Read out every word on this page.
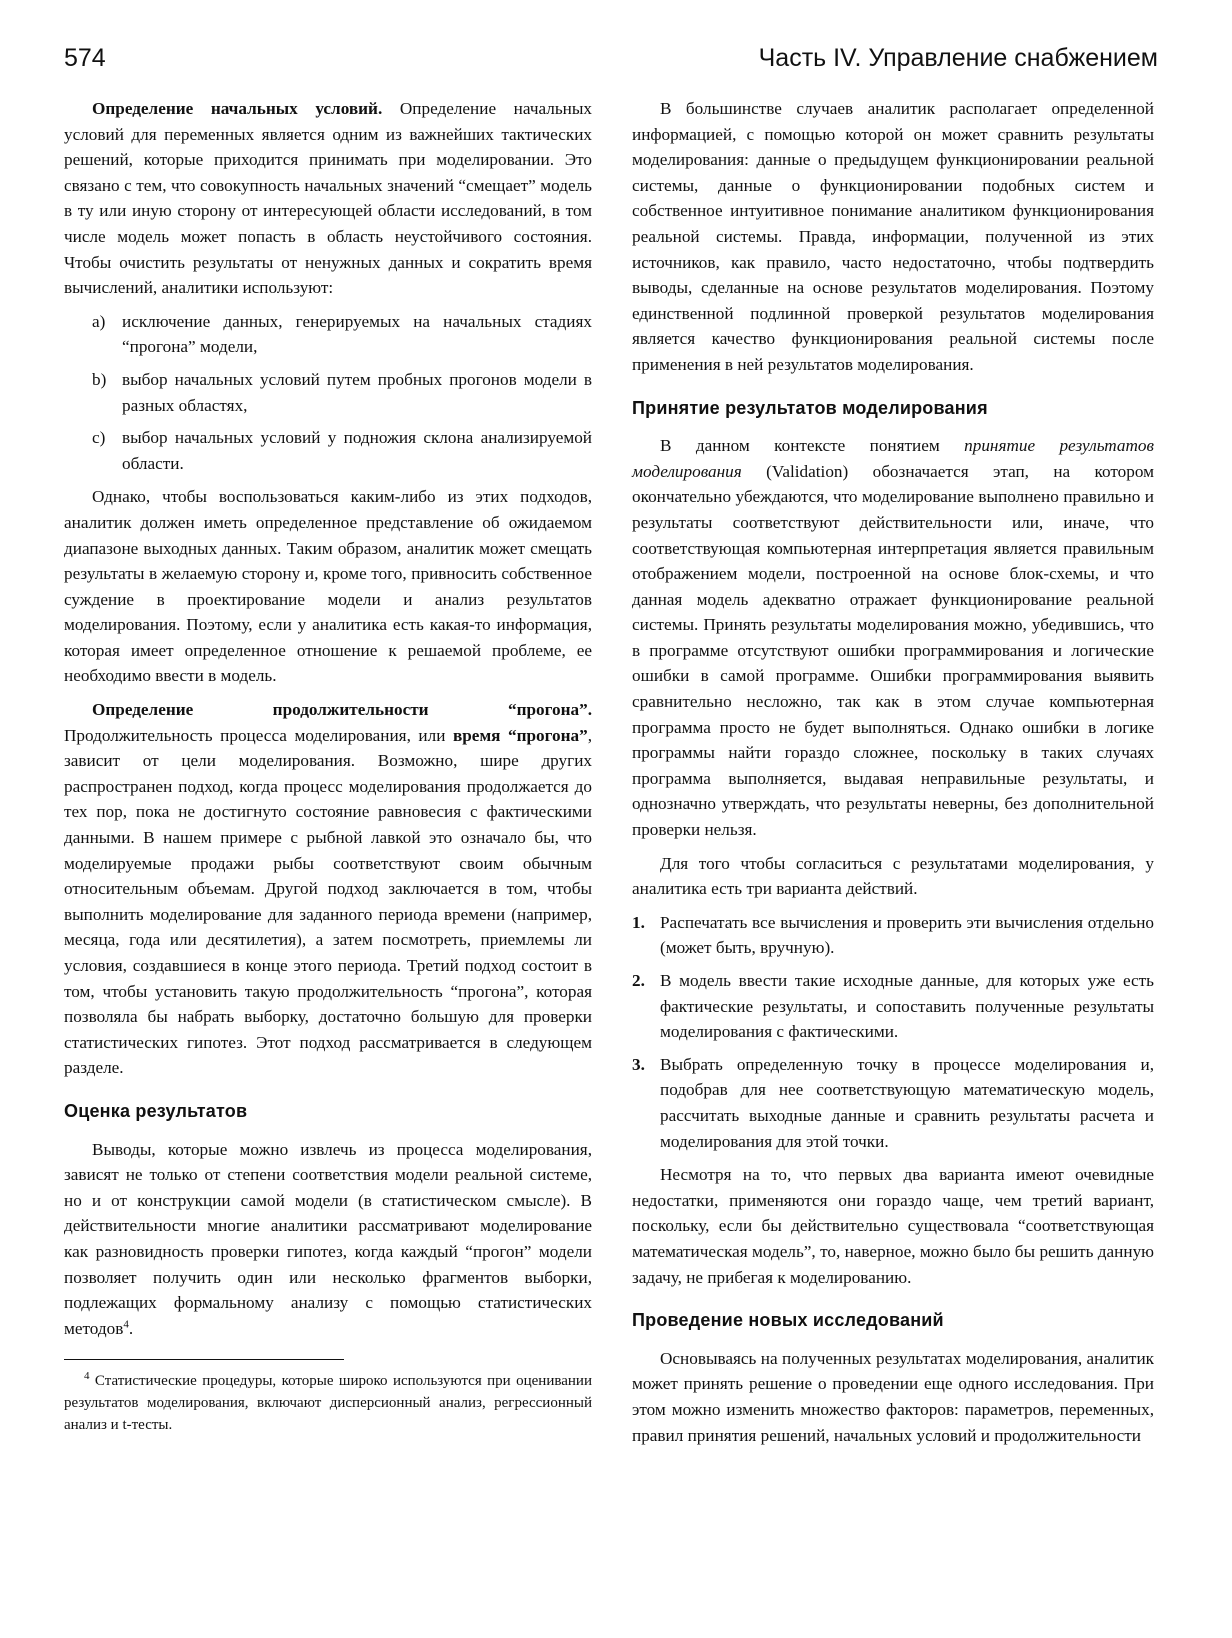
574	Часть IV. Управление снабжением

Определение начальных условий. Определение начальных условий для переменных является одним из важнейших тактических решений, которые приходится принимать при моделировании. Это связано с тем, что совокупность начальных значений “смещает” модель в ту или иную сторону от интересующей области исследований, в том числе модель может попасть в область неустойчивого состояния. Чтобы очистить результаты от ненужных данных и сократить время вычислений, аналитики используют:

a) исключение данных, генерируемых на начальных стадиях “прогона” модели,
b) выбор начальных условий путем пробных прогонов модели в разных областях,
c) выбор начальных условий у подножия склона анализируемой области.

Однако, чтобы воспользоваться каким-либо из этих подходов, аналитик должен иметь определенное представление об ожидаемом диапазоне выходных данных. Таким образом, аналитик может смещать результаты в желаемую сторону и, кроме того, привносить собственное суждение в проектирование модели и анализ результатов моделирования. Поэтому, если у аналитика есть какая-то информация, которая имеет определенное отношение к решаемой проблеме, ее необходимо ввести в модель.

Определение продолжительности “прогона”. Продолжительность процесса моделирования, или время “прогона”, зависит от цели моделирования. Возможно, шире других распространен подход, когда процесс моделирования продолжается до тех пор, пока не достигнуто состояние равновесия с фактическими данными. В нашем примере с рыбной лавкой это означало бы, что моделируемые продажи рыбы соответствуют своим обычным относительным объемам. Другой подход заключается в том, чтобы выполнить моделирование для заданного периода времени (например, месяца, года или десятилетия), а затем посмотреть, приемлемы ли условия, создавшиеся в конце этого периода. Третий подход состоит в том, чтобы установить такую продолжительность “прогона”, которая позволяла бы набрать выборку, достаточно большую для проверки статистических гипотез. Этот подход рассматривается в следующем разделе.

Оценка результатов

Выводы, которые можно извлечь из процесса моделирования, зависят не только от степени соответствия модели реальной системе, но и от конструкции самой модели (в статистическом смысле). В действительности многие аналитики рассматривают моделирование как разновидность проверки гипотез, когда каждый “прогон” модели позволяет получить один или несколько фрагментов выборки, подлежащих формальному анализу с помощью статистических методов$^4$.

$^4$ Статистические процедуры, которые широко используются при оценивании результатов моделирования, включают дисперсионный анализ, регрессионный анализ и t-тесты.

В большинстве случаев аналитик располагает определенной информацией, с помощью которой он может сравнить результаты моделирования: данные о предыдущем функционировании реальной системы, данные о функционировании подобных систем и собственное интуитивное понимание аналитиком функционирования реальной системы. Правда, информации, полученной из этих источников, как правило, часто недостаточно, чтобы подтвердить выводы, сделанные на основе результатов моделирования. Поэтому единственной подлинной проверкой результатов моделирования является качество функционирования реальной системы после применения в ней результатов моделирования.

Принятие результатов моделирования

В данном контексте понятием принятие результатов моделирования (Validation) обозначается этап, на котором окончательно убеждаются, что моделирование выполнено правильно и результаты соответствуют действительности или, иначе, что соответствующая компьютерная интерпретация является правильным отображением модели, построенной на основе блок-схемы, и что данная модель адекватно отражает функционирование реальной системы. Принять результаты моделирования можно, убедившись, что в программе отсутствуют ошибки программирования и логические ошибки в самой программе. Ошибки программирования выявить сравнительно несложно, так как в этом случае компьютерная программа просто не будет выполняться. Однако ошибки в логике программы найти гораздо сложнее, поскольку в таких случаях программа выполняется, выдавая неправильные результаты, и однозначно утверждать, что результаты неверны, без дополнительной проверки нельзя.

Для того чтобы согласиться с результатами моделирования, у аналитика есть три варианта действий.

1. Распечатать все вычисления и проверить эти вычисления отдельно (может быть, вручную).
2. В модель ввести такие исходные данные, для которых уже есть фактические результаты, и сопоставить полученные результаты моделирования с фактическими.
3. Выбрать определенную точку в процессе моделирования и, подобрав для нее соответствующую математическую модель, рассчитать выходные данные и сравнить результаты расчета и моделирования для этой точки.

Несмотря на то, что первых два варианта имеют очевидные недостатки, применяются они гораздо чаще, чем третий вариант, поскольку, если бы действительно существовала “соответствующая математическая модель”, то, наверное, можно было бы решить данную задачу, не прибегая к моделированию.

Проведение новых исследований

Основываясь на полученных результатах моделирования, аналитик может принять решение о проведении еще одного исследования. При этом можно изменить множество факторов: параметров, переменных, правил принятия решений, начальных условий и продолжительности
